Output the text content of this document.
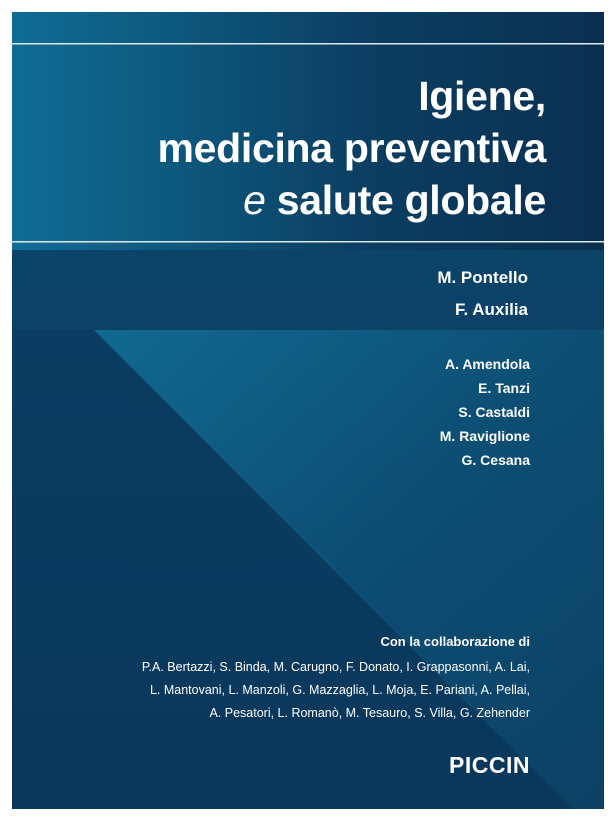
Igiene,
medicina preventiva
e salute globale
M. Pontello
F. Auxilia
A. Amendola
E. Tanzi
S. Castaldi
M. Raviglione
G. Cesana
Con la collaborazione di
P.A. Bertazzi, S. Binda, M. Carugno, F. Donato, I. Grappasonni, A. Lai,
L. Mantovani, L. Manzoli, G. Mazzaglia, L. Moja, E. Pariani, A. Pellai,
A. Pesatori, L. Romanò, M. Tesauro, S. Villa, G. Zehender
PICCIN
